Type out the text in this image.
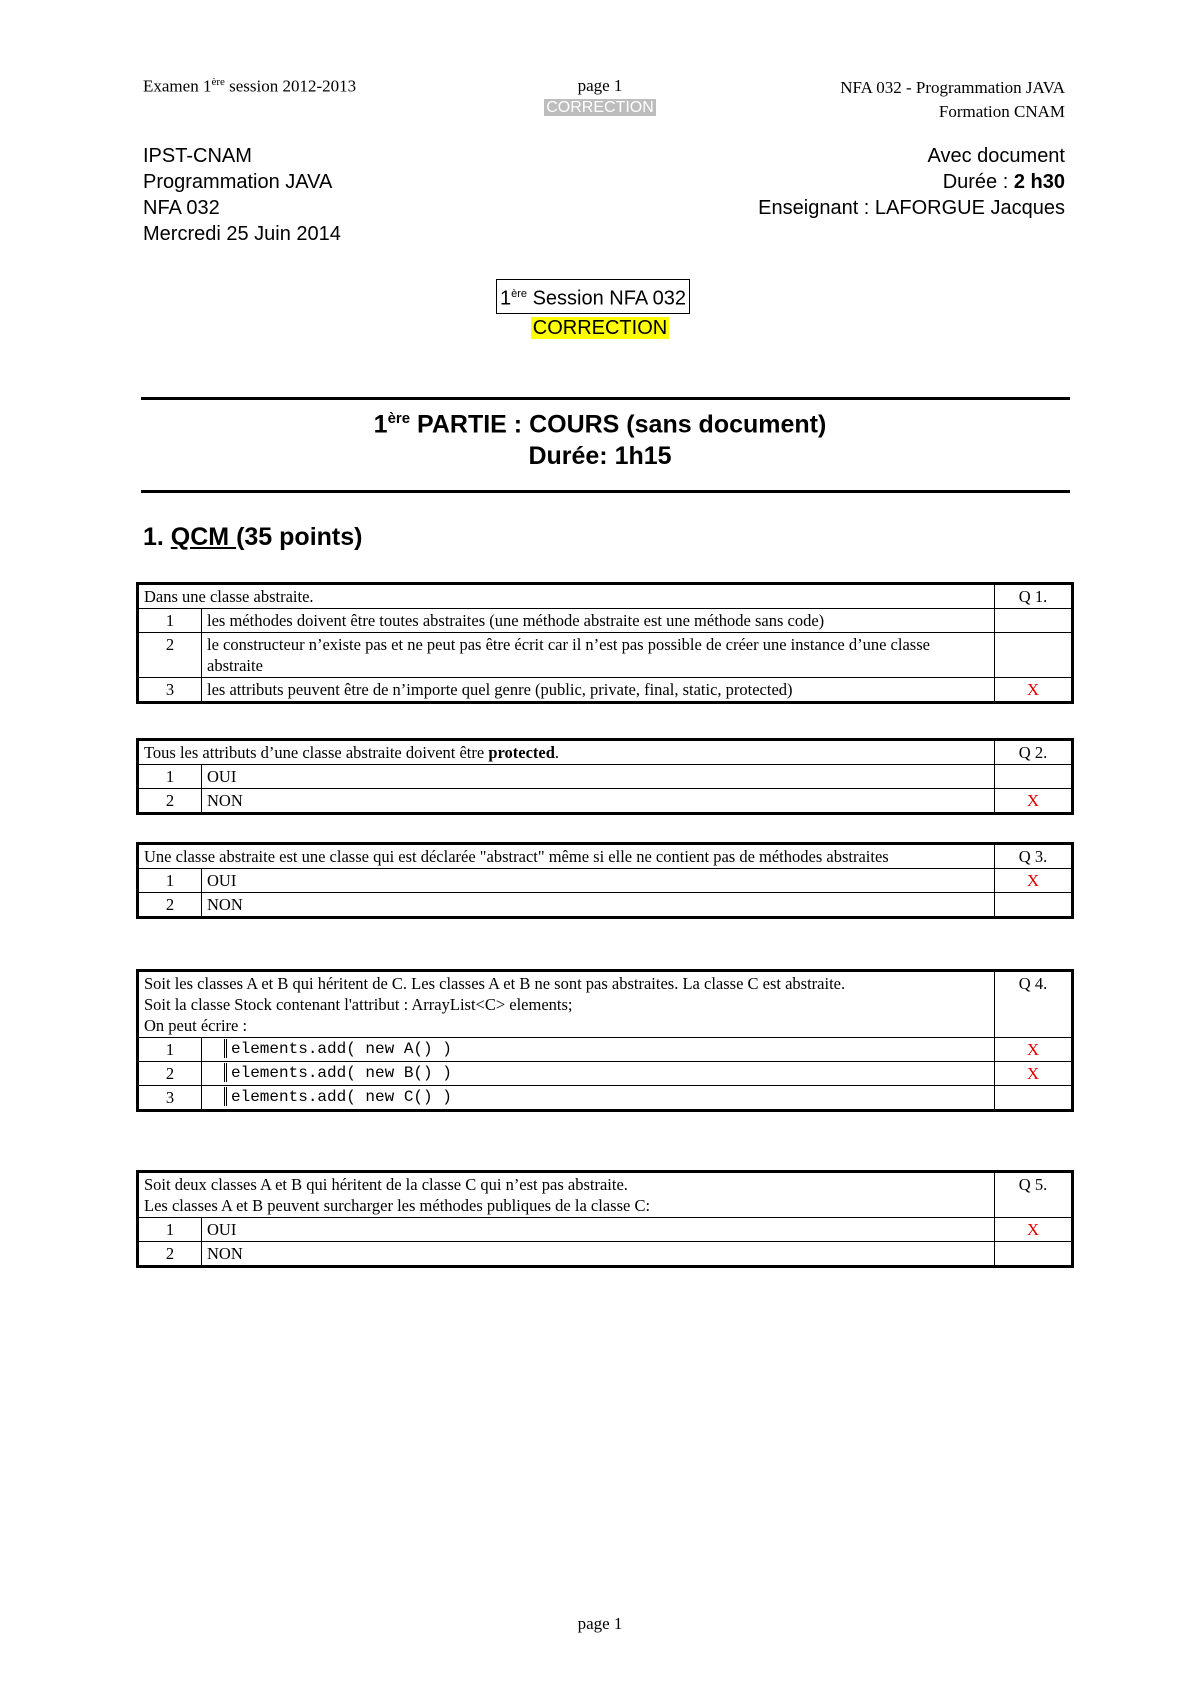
Examen 1ère session 2012-2013	page 1
CORRECTION
NFA 032 - Programmation JAVA
Formation CNAM
IPST-CNAM
Programmation JAVA
NFA 032
Mercredi 25 Juin 2014
Avec document
Durée : 2 h30
Enseignant : LAFORGUE Jacques
1ère Session NFA 032
CORRECTION
1ère PARTIE : COURS (sans document)
Durée: 1h15
1. QCM (35 points)
Dans une classe abstraite.		Q 1.
1	les méthodes doivent être toutes abstraites (une méthode abstraite est une méthode sans code)	
2	le constructeur n’existe pas et ne peut pas être écrit car il n’est pas possible de créer une instance d’une classe abstraite	
3	les attributs peuvent être de n’importe quel genre (public, private, final, static, protected)	X
Tous les attributs d’une classe abstraite doivent être protected.		Q 2.
1	OUI	
2	NON	X
Une classe abstraite est une classe qui est déclarée "abstract" même si elle ne contient pas de méthodes abstraites		Q 3.
1	OUI	X
2	NON	
Soit les classes A et B qui héritent de C. Les classes A et B ne sont pas abstraites. La classe C est abstraite.
Soit la classe Stock contenant l'attribut : ArrayList<C> elements;
On peut écrire :		Q 4.
1	elements.add( new A() )	X
2	elements.add( new B() )	X
3	elements.add( new C() )	
Soit deux classes A et B qui héritent de la classe C qui n’est pas abstraite.
Les classes A et B peuvent surcharger les méthodes publiques de la classe C:		Q 5.
1	OUI	X
2	NON	
page 1
